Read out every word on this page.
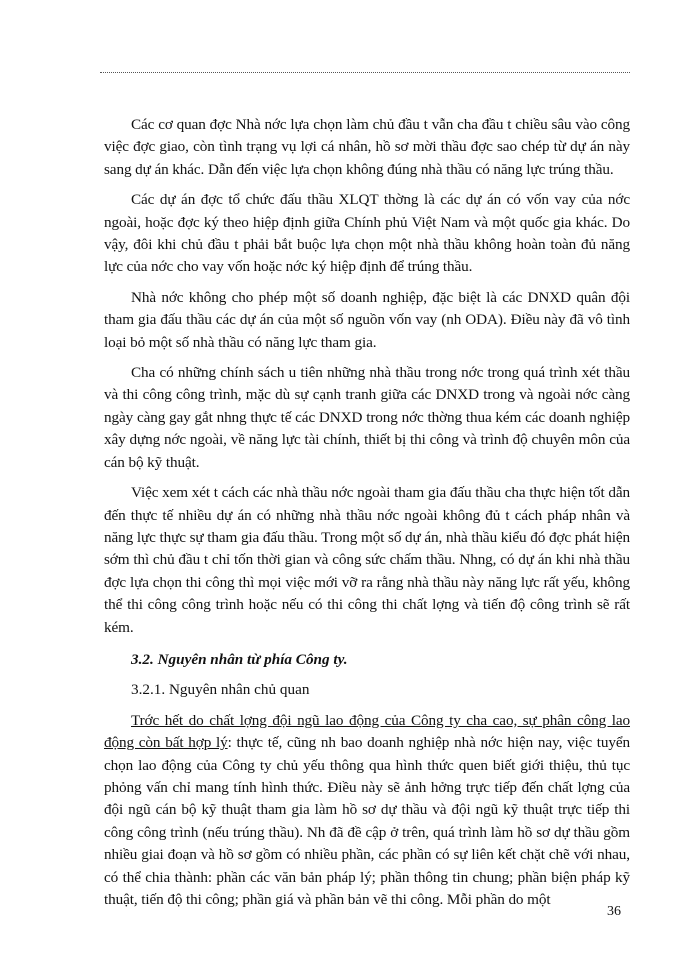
Các cơ quan đợc Nhà nớc lựa chọn làm chủ đầu t vẫn cha đầu t chiều sâu vào công việc đợc giao, còn tình trạng vụ lợi cá nhân, hồ sơ mời thầu đợc sao chép từ dự án này sang dự án khác. Dẫn đến việc lựa chọn không đúng nhà thầu có năng lực trúng thầu.

Các dự án đợc tổ chức đấu thầu XLQT thờng là các dự án có vốn vay của nớc ngoài, hoặc đợc ký theo hiệp định giữa Chính phủ Việt Nam và một quốc gia khác. Do vậy, đôi khi chủ đầu t phải bắt buộc lựa chọn một nhà thầu không hoàn toàn đủ năng lực của nớc cho vay vốn hoặc nớc ký hiệp định để trúng thầu.

Nhà nớc không cho phép một số doanh nghiệp, đặc biệt là các DNXD quân đội tham gia đấu thầu các dự án của một số nguồn vốn vay (nh ODA). Điều này đã vô tình loại bỏ một số nhà thầu có năng lực tham gia.

Cha có những chính sách u tiên những nhà thầu trong nớc trong quá trình xét thầu và thi công công trình, mặc dù sự cạnh tranh giữa các DNXD trong và ngoài nớc càng ngày càng gay gắt nhng thực tế các DNXD trong nớc thờng thua kém các doanh nghiệp xây dựng nớc ngoài, về năng lực tài chính, thiết bị thi công và trình độ chuyên môn của cán bộ kỹ thuật.

Việc xem xét t cách các nhà thầu nớc ngoài tham gia đấu thầu cha thực hiện tốt dẫn đến thực tế nhiều dự án có những nhà thầu nớc ngoài không đủ t cách pháp nhân và năng lực thực sự tham gia đấu thầu. Trong một số dự án, nhà thầu kiểu đó đợc phát hiện sớm thì chủ đầu t chỉ tốn thời gian và công sức chấm thầu. Nhng, có dự án khi nhà thầu đợc lựa chọn thi công thì mọi việc mới vỡ ra rằng nhà thầu này năng lực rất yếu, không thể thi công công trình hoặc nếu có thi công thi chất lợng và tiến độ công trình sẽ rất kém.

3.2. Nguyên nhân từ phía Công ty.

3.2.1. Nguyên nhân chủ quan

Trớc hết do chất lợng đội ngũ lao động của Công ty cha cao, sự phân công lao động còn bất hợp lý: thực tế, cũng nh bao doanh nghiệp nhà nớc hiện nay, việc tuyển chọn lao động của Công ty chủ yếu thông qua hình thức quen biết giới thiệu, thủ tục phỏng vấn chỉ mang tính hình thức. Điều này sẽ ảnh hởng trực tiếp đến chất lợng của đội ngũ cán bộ kỹ thuật tham gia làm hồ sơ dự thầu và đội ngũ kỹ thuật trực tiếp thi công công trình (nếu trúng thầu). Nh đã đề cập ở trên, quá trình làm hồ sơ dự thầu gồm nhiều giai đoạn và hồ sơ gồm có nhiều phần, các phần có sự liên kết chặt chẽ với nhau, có thể chia thành: phần các văn bản pháp lý; phần thông tin chung; phần biện pháp kỹ thuật, tiến độ thi công; phần giá và phần bản vẽ thi công. Mỗi phần do một

36
